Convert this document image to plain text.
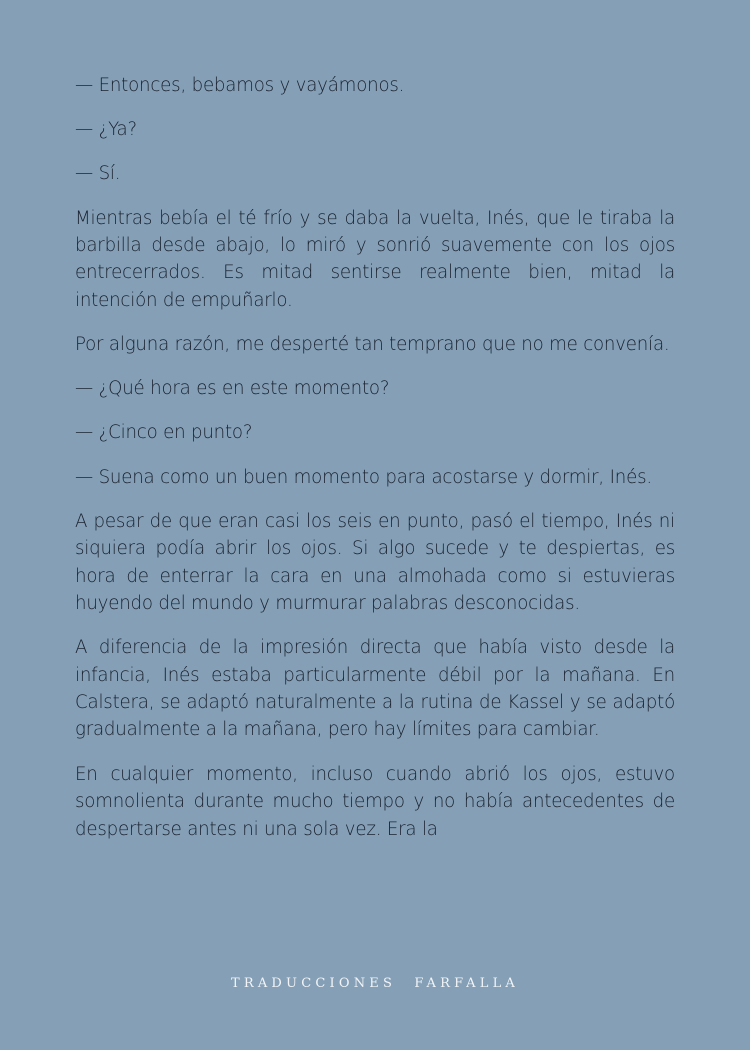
— Entonces, bebamos y vayámonos.

— ¿Ya?

— Sí.

Mientras bebía el té frío y se daba la vuelta, Inés, que le tiraba la barbilla desde abajo, lo miró y sonrió suavemente con los ojos entrecerrados. Es mitad sentirse realmente bien, mitad la intención de empuñarlo.

Por alguna razón, me desperté tan temprano que no me convenía.

— ¿Qué hora es en este momento?

— ¿Cinco en punto?

— Suena como un buen momento para acostarse y dormir, Inés.

A pesar de que eran casi los seis en punto, pasó el tiempo, Inés ni siquiera podía abrir los ojos. Si algo sucede y te despiertas, es hora de enterrar la cara en una almohada como si estuvieras huyendo del mundo y murmurar palabras desconocidas.

A diferencia de la impresión directa que había visto desde la infancia, Inés estaba particularmente débil por la mañana. En Calstera, se adaptó naturalmente a la rutina de Kassel y se adaptó gradualmente a la mañana, pero hay límites para cambiar.

En cualquier momento, incluso cuando abrió los ojos, estuvo somnolienta durante mucho tiempo y no había antecedentes de despertarse antes ni una sola vez. Era la

TRADUCCIONES FARFALLA
